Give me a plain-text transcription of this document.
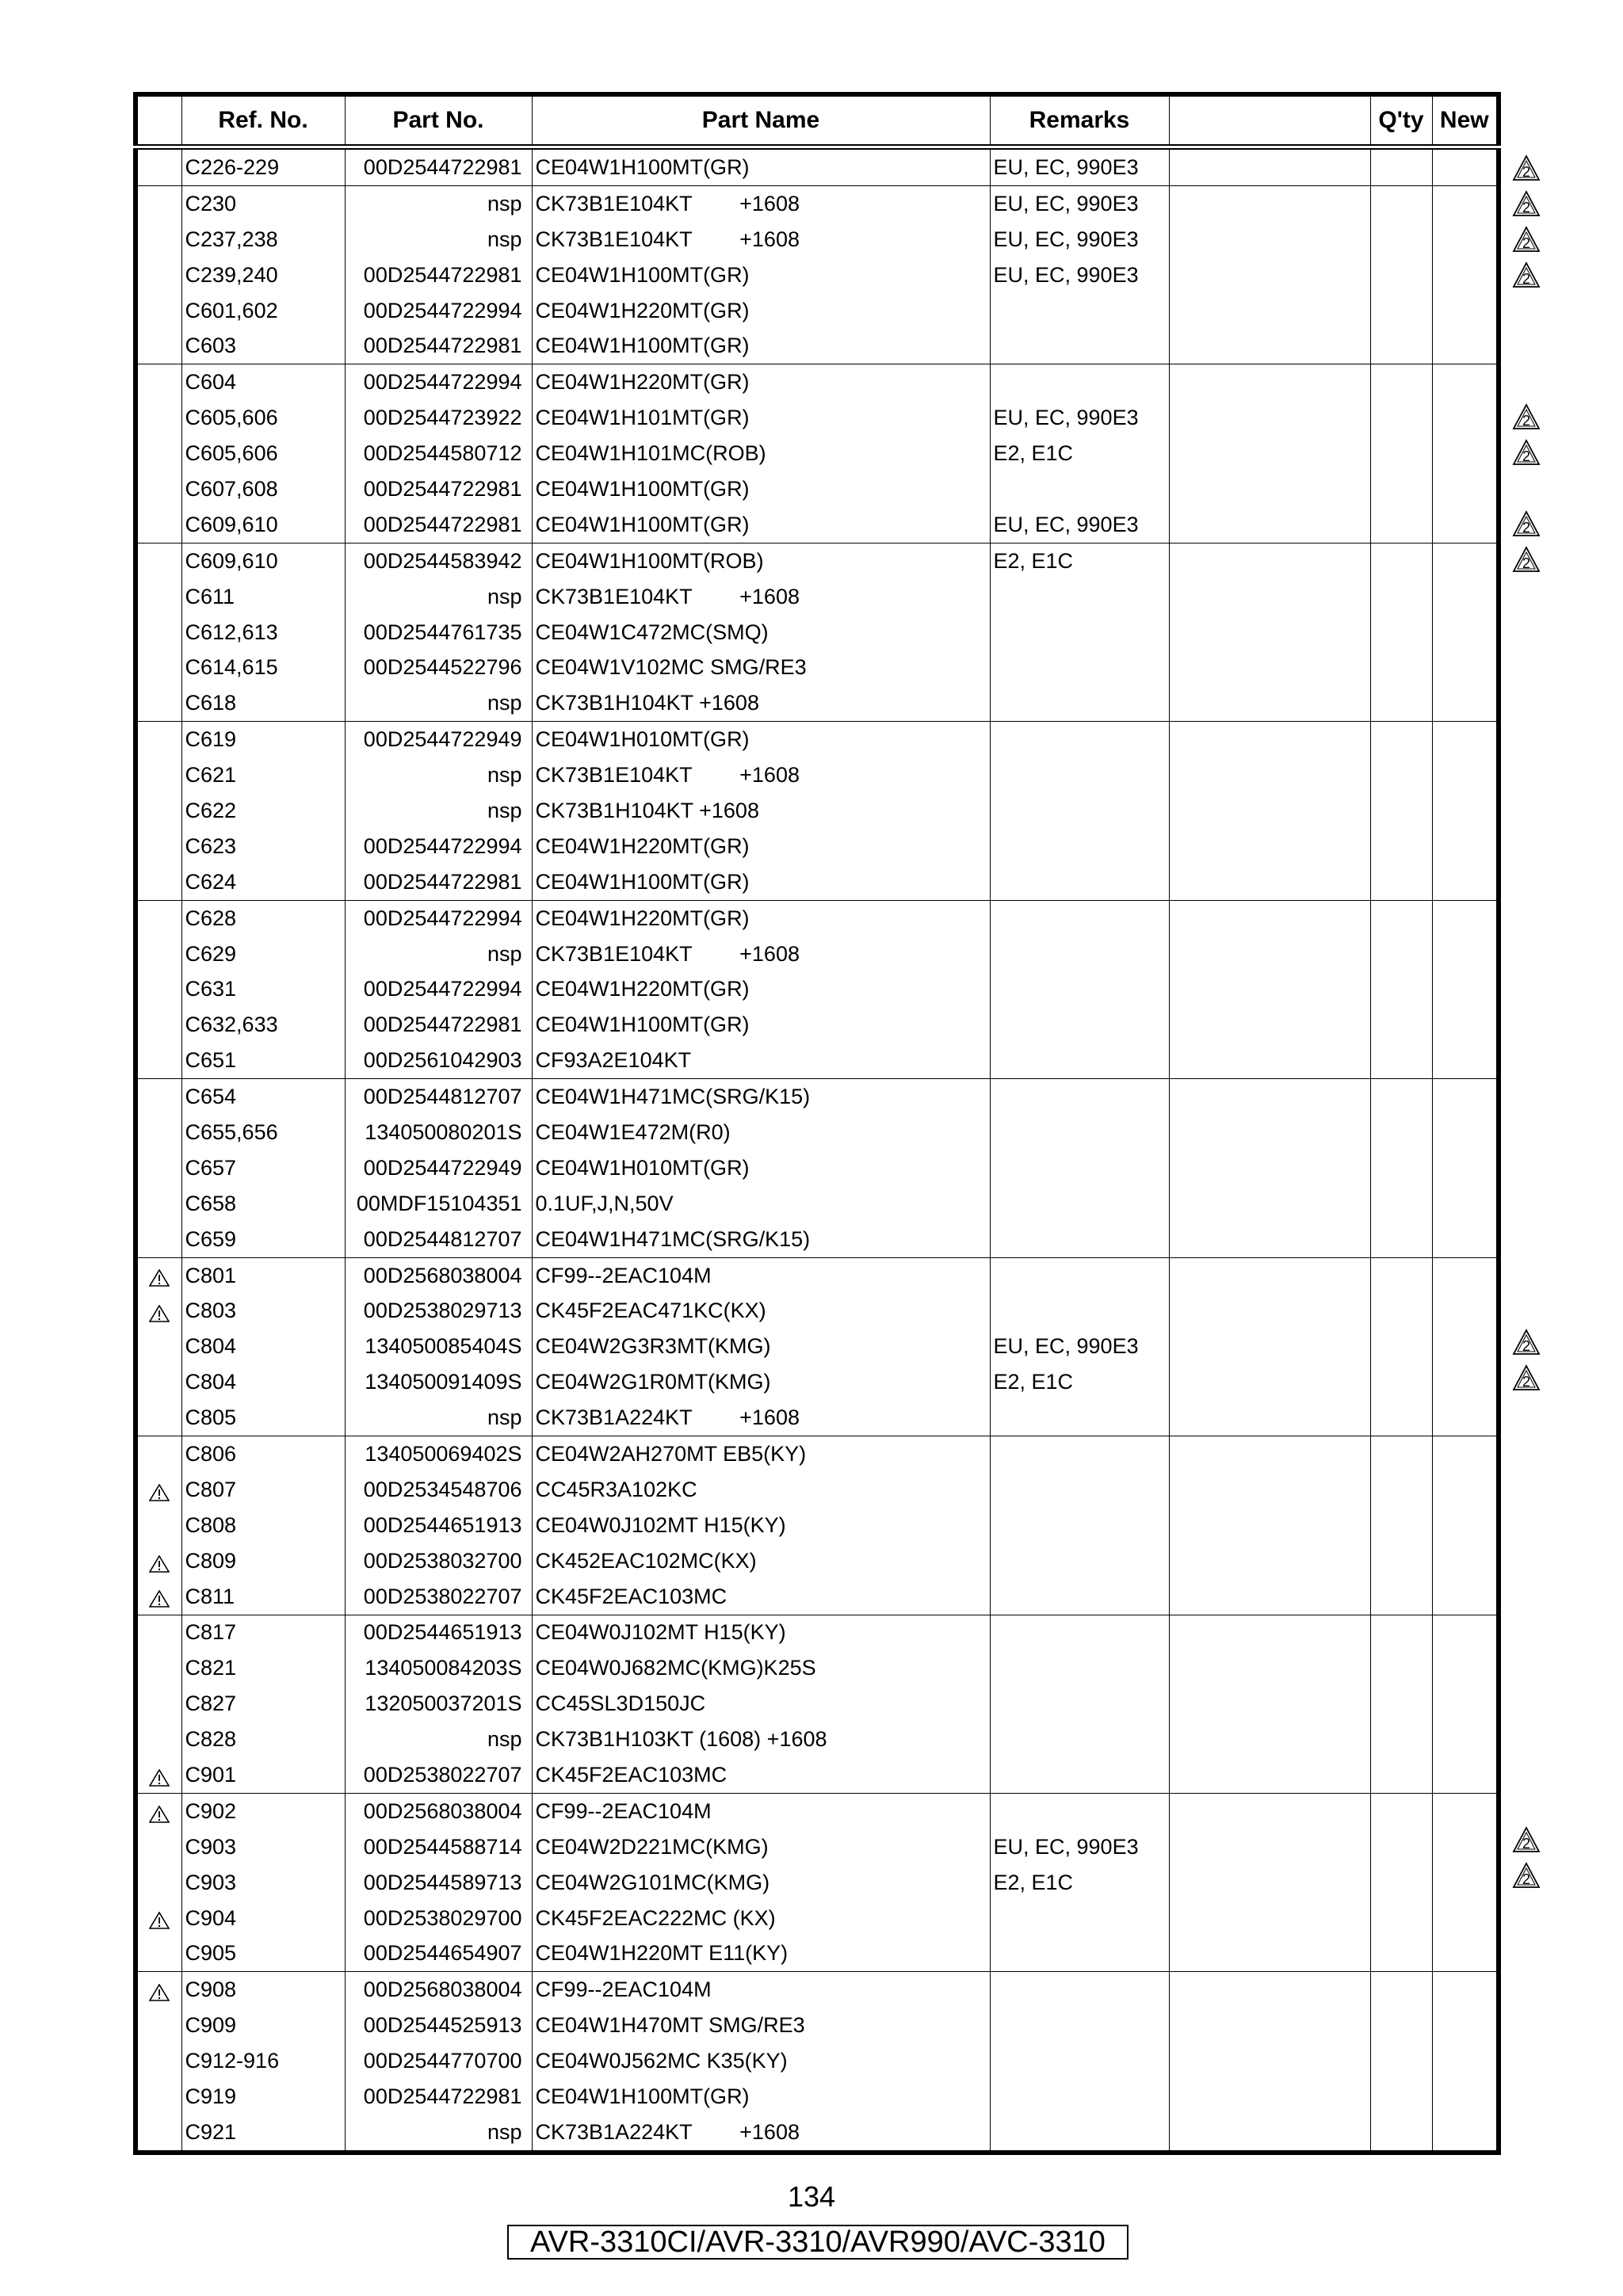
	Ref. No.	Part No.	Part Name	Remarks		Q'ty	New
	C226-229	00D2544722981	CE04W1H100MT(GR)	EU, EC, 990E3			
	C230	nsp	CK73B1E104KT        +1608	EU, EC, 990E3			
	C237,238	nsp	CK73B1E104KT        +1608	EU, EC, 990E3			
	C239,240	00D2544722981	CE04W1H100MT(GR)	EU, EC, 990E3			
	C601,602	00D2544722994	CE04W1H220MT(GR)				
	C603	00D2544722981	CE04W1H100MT(GR)				
	C604	00D2544722994	CE04W1H220MT(GR)				
	C605,606	00D2544723922	CE04W1H101MT(GR)	EU, EC, 990E3			
	C605,606	00D2544580712	CE04W1H101MC(ROB)	E2, E1C			
	C607,608	00D2544722981	CE04W1H100MT(GR)				
	C609,610	00D2544722981	CE04W1H100MT(GR)	EU, EC, 990E3			
	C609,610	00D2544583942	CE04W1H100MT(ROB)	E2, E1C			
	C611	nsp	CK73B1E104KT        +1608				
	C612,613	00D2544761735	CE04W1C472MC(SMQ)				
	C614,615	00D2544522796	CE04W1V102MC SMG/RE3				
	C618	nsp	CK73B1H104KT +1608				
	C619	00D2544722949	CE04W1H010MT(GR)				
	C621	nsp	CK73B1E104KT        +1608				
	C622	nsp	CK73B1H104KT +1608				
	C623	00D2544722994	CE04W1H220MT(GR)				
	C624	00D2544722981	CE04W1H100MT(GR)				
	C628	00D2544722994	CE04W1H220MT(GR)				
	C629	nsp	CK73B1E104KT        +1608				
	C631	00D2544722994	CE04W1H220MT(GR)				
	C632,633	00D2544722981	CE04W1H100MT(GR)				
	C651	00D2561042903	CF93A2E104KT				
	C654	00D2544812707	CE04W1H471MC(SRG/K15)				
	C655,656	134050080201S	CE04W1E472M(R0)				
	C657	00D2544722949	CE04W1H010MT(GR)				
	C658	00MDF15104351	0.1UF,J,N,50V				
	C659	00D2544812707	CE04W1H471MC(SRG/K15)				
	C801	00D2568038004	CF99--2EAC104M				
	C803	00D2538029713	CK45F2EAC471KC(KX)				
	C804	134050085404S	CE04W2G3R3MT(KMG)	EU, EC, 990E3			
	C804	134050091409S	CE04W2G1R0MT(KMG)	E2, E1C			
	C805	nsp	CK73B1A224KT        +1608				
	C806	134050069402S	CE04W2AH270MT EB5(KY)				
	C807	00D2534548706	CC45R3A102KC				
	C808	00D2544651913	CE04W0J102MT H15(KY)				
	C809	00D2538032700	CK452EAC102MC(KX)				
	C811	00D2538022707	CK45F2EAC103MC				
	C817	00D2544651913	CE04W0J102MT H15(KY)				
	C821	134050084203S	CE04W0J682MC(KMG)K25S				
	C827	132050037201S	CC45SL3D150JC				
	C828	nsp	CK73B1H103KT (1608) +1608				
	C901	00D2538022707	CK45F2EAC103MC				
	C902	00D2568038004	CF99--2EAC104M				
	C903	00D2544588714	CE04W2D221MC(KMG)	EU, EC, 990E3			
	C903	00D2544589713	CE04W2G101MC(KMG)	E2, E1C			
	C904	00D2538029700	CK45F2EAC222MC (KX)				
	C905	00D2544654907	CE04W1H220MT E11(KY)				
	C908	00D2568038004	CF99--2EAC104M				
	C909	00D2544525913	CE04W1H470MT SMG/RE3				
	C912-916	00D2544770700	CE04W0J562MC K35(KY)				
	C919	00D2544722981	CE04W1H100MT(GR)				
	C921	nsp	CK73B1A224KT        +1608				
2
2
2
2
2
2
2
2
2
2
2
2
134
AVR-3310CI/AVR-3310/AVR990/AVC-3310
